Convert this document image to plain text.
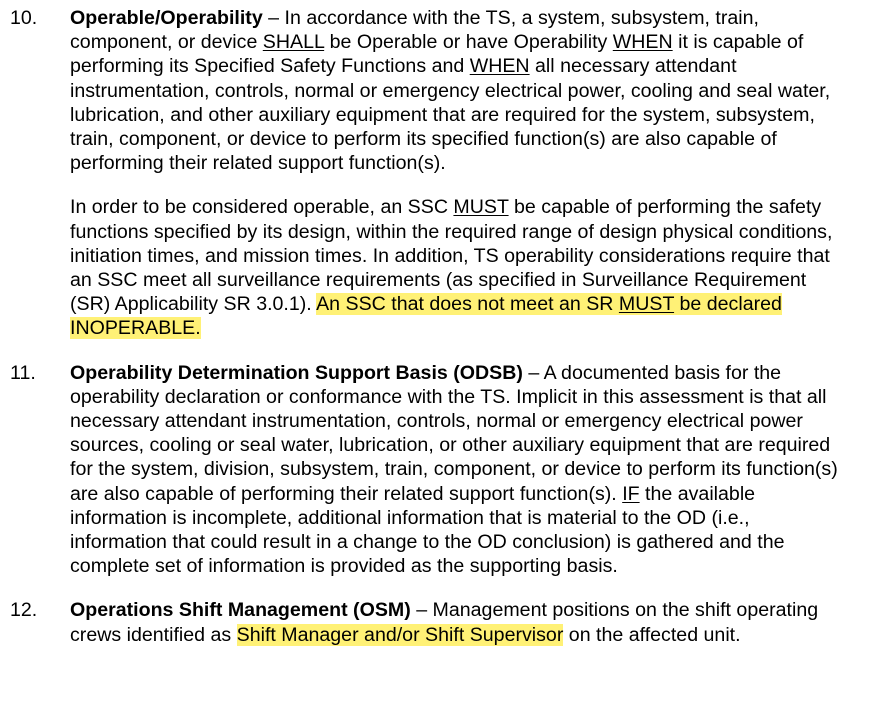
10. Operable/Operability – In accordance with the TS, a system, subsystem, train, component, or device SHALL be Operable or have Operability WHEN it is capable of performing its Specified Safety Functions and WHEN all necessary attendant instrumentation, controls, normal or emergency electrical power, cooling and seal water, lubrication, and other auxiliary equipment that are required for the system, subsystem, train, component, or device to perform its specified function(s) are also capable of performing their related support function(s).

In order to be considered operable, an SSC MUST be capable of performing the safety functions specified by its design, within the required range of design physical conditions, initiation times, and mission times. In addition, TS operability considerations require that an SSC meet all surveillance requirements (as specified in Surveillance Requirement (SR) Applicability SR 3.0.1). An SSC that does not meet an SR MUST be declared INOPERABLE.

11. Operability Determination Support Basis (ODSB) – A documented basis for the operability declaration or conformance with the TS. Implicit in this assessment is that all necessary attendant instrumentation, controls, normal or emergency electrical power sources, cooling or seal water, lubrication, or other auxiliary equipment that are required for the system, division, subsystem, train, component, or device to perform its function(s) are also capable of performing their related support function(s). IF the available information is incomplete, additional information that is material to the OD (i.e., information that could result in a change to the OD conclusion) is gathered and the complete set of information is provided as the supporting basis.

12. Operations Shift Management (OSM) – Management positions on the shift operating crews identified as Shift Manager and/or Shift Supervisor on the affected unit.
